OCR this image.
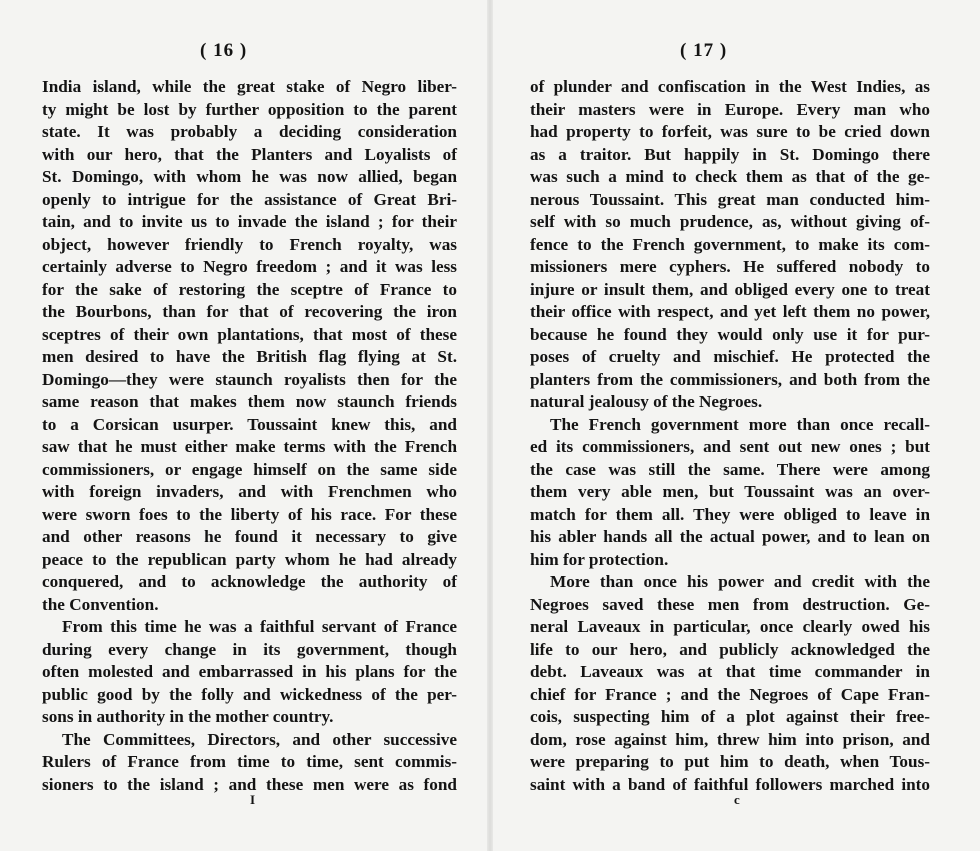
( 16 )
India island, while the great stake of Negro liber-
ty might be lost by further opposition to the parent
state. It was probably a deciding consideration
with our hero, that the Planters and Loyalists of
St. Domingo, with whom he was now allied, began
openly to intrigue for the assistance of Great Bri-
tain, and to invite us to invade the island ; for their
object, however friendly to French royalty, was
certainly adverse to Negro freedom ; and it was less
for the sake of restoring the sceptre of France to
the Bourbons, than for that of recovering the iron
sceptres of their own plantations, that most of these
men desired to have the British flag flying at St.
Domingo—they were staunch royalists then for the
same reason that makes them now staunch friends
to a Corsican usurper. Toussaint knew this, and
saw that he must either make terms with the French
commissioners, or engage himself on the same side
with foreign invaders, and with Frenchmen who
were sworn foes to the liberty of his race. For these
and other reasons he found it necessary to give
peace to the republican party whom he had already
conquered, and to acknowledge the authority of
the Convention.
From this time he was a faithful servant of France
during every change in its government, though
often molested and embarrassed in his plans for the
public good by the folly and wickedness of the per-
sons in authority in the mother country.
The Committees, Directors, and other successive
Rulers of France from time to time, sent commis-
sioners to the island ; and these men were as fond
I
( 17 )
of plunder and confiscation in the West Indies, as
their masters were in Europe. Every man who
had property to forfeit, was sure to be cried down
as a traitor. But happily in St. Domingo there
was such a mind to check them as that of the ge-
nerous Toussaint. This great man conducted him-
self with so much prudence, as, without giving of-
fence to the French government, to make its com-
missioners mere cyphers. He suffered nobody to
injure or insult them, and obliged every one to treat
their office with respect, and yet left them no power,
because he found they would only use it for pur-
poses of cruelty and mischief. He protected the
planters from the commissioners, and both from the
natural jealousy of the Negroes.
The French government more than once recall-
ed its commissioners, and sent out new ones ; but
the case was still the same. There were among
them very able men, but Toussaint was an over-
match for them all. They were obliged to leave in
his abler hands all the actual power, and to lean on
him for protection.
More than once his power and credit with the
Negroes saved these men from destruction. Ge-
neral Laveaux in particular, once clearly owed his
life to our hero, and publicly acknowledged the
debt. Laveaux was at that time commander in
chief for France ; and the Negroes of Cape Fran-
cois, suspecting him of a plot against their free-
dom, rose against him, threw him into prison, and
were preparing to put him to death, when Tous-
saint with a band of faithful followers marched into
c
